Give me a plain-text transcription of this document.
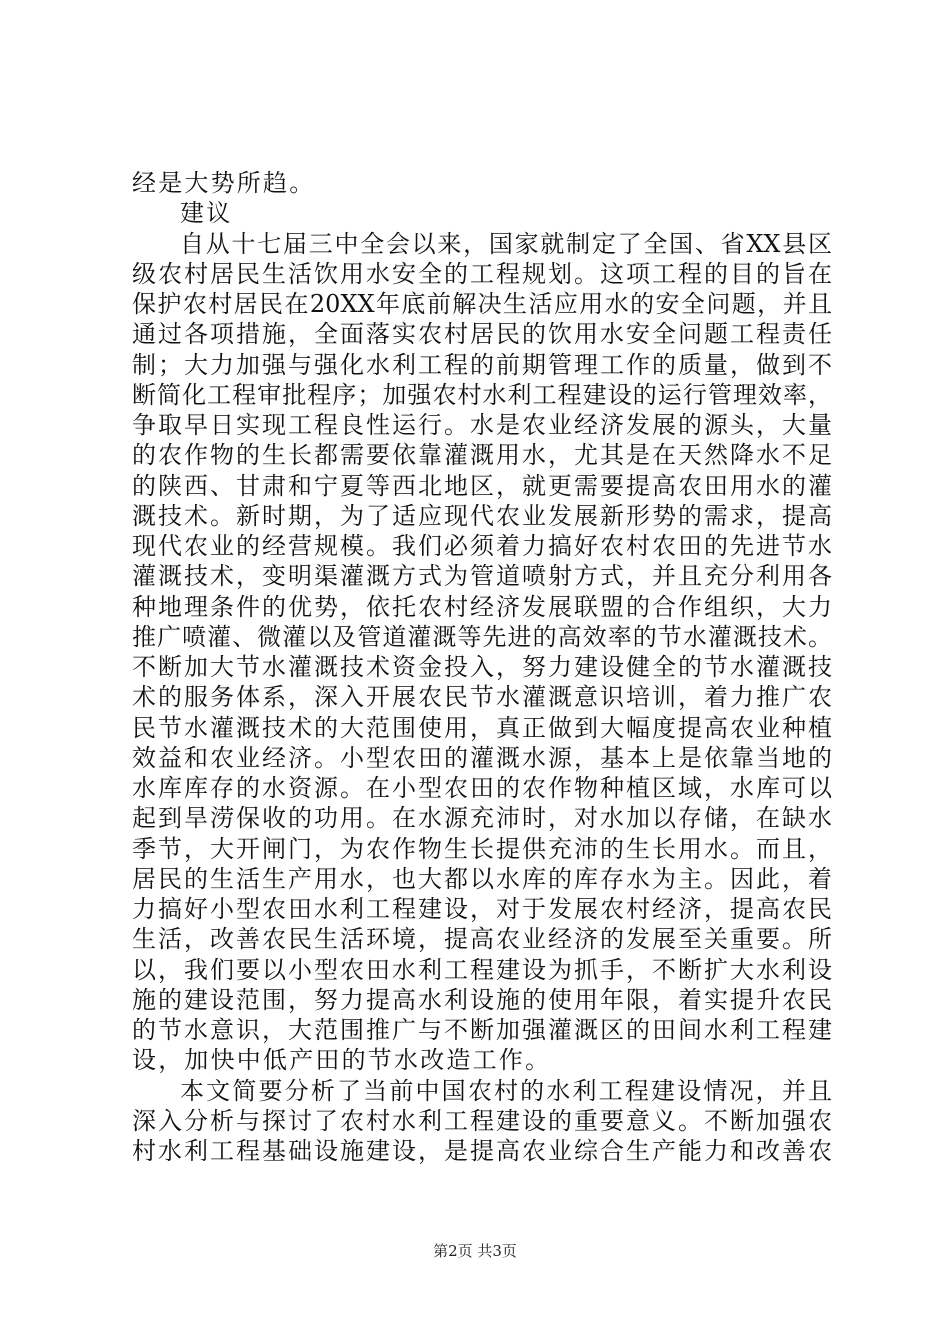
经是大势所趋。
建议
自从十七届三中全会以来，国家就制定了全国、省XX县区
级农村居民生活饮用水安全的工程规划。这项工程的目的旨在
保护农村居民在20XX年底前解决生活应用水的安全问题，并且
通过各项措施，全面落实农村居民的饮用水安全问题工程责任
制；大力加强与强化水利工程的前期管理工作的质量，做到不
断简化工程审批程序；加强农村水利工程建设的运行管理效率，
争取早日实现工程良性运行。水是农业经济发展的源头，大量
的农作物的生长都需要依靠灌溉用水，尤其是在天然降水不足
的陕西、甘肃和宁夏等西北地区，就更需要提高农田用水的灌
溉技术。新时期，为了适应现代农业发展新形势的需求，提高
现代农业的经营规模。我们必须着力搞好农村农田的先进节水
灌溉技术，变明渠灌溉方式为管道喷射方式，并且充分利用各
种地理条件的优势，依托农村经济发展联盟的合作组织，大力
推广喷灌、微灌以及管道灌溉等先进的高效率的节水灌溉技术。
不断加大节水灌溉技术资金投入，努力建设健全的节水灌溉技
术的服务体系，深入开展农民节水灌溉意识培训，着力推广农
民节水灌溉技术的大范围使用，真正做到大幅度提高农业种植
效益和农业经济。小型农田的灌溉水源，基本上是依靠当地的
水库库存的水资源。在小型农田的农作物种植区域，水库可以
起到旱涝保收的功用。在水源充沛时，对水加以存储，在缺水
季节，大开闸门，为农作物生长提供充沛的生长用水。而且，
居民的生活生产用水，也大都以水库的库存水为主。因此，着
力搞好小型农田水利工程建设，对于发展农村经济，提高农民
生活，改善农民生活环境，提高农业经济的发展至关重要。所
以，我们要以小型农田水利工程建设为抓手，不断扩大水利设
施的建设范围，努力提高水利设施的使用年限，着实提升农民
的节水意识，大范围推广与不断加强灌溉区的田间水利工程建
设，加快中低产田的节水改造工作。
本文简要分析了当前中国农村的水利工程建设情况，并且
深入分析与探讨了农村水利工程建设的重要意义。不断加强农
村水利工程基础设施建设，是提高农业综合生产能力和改善农
第2页 共3页
